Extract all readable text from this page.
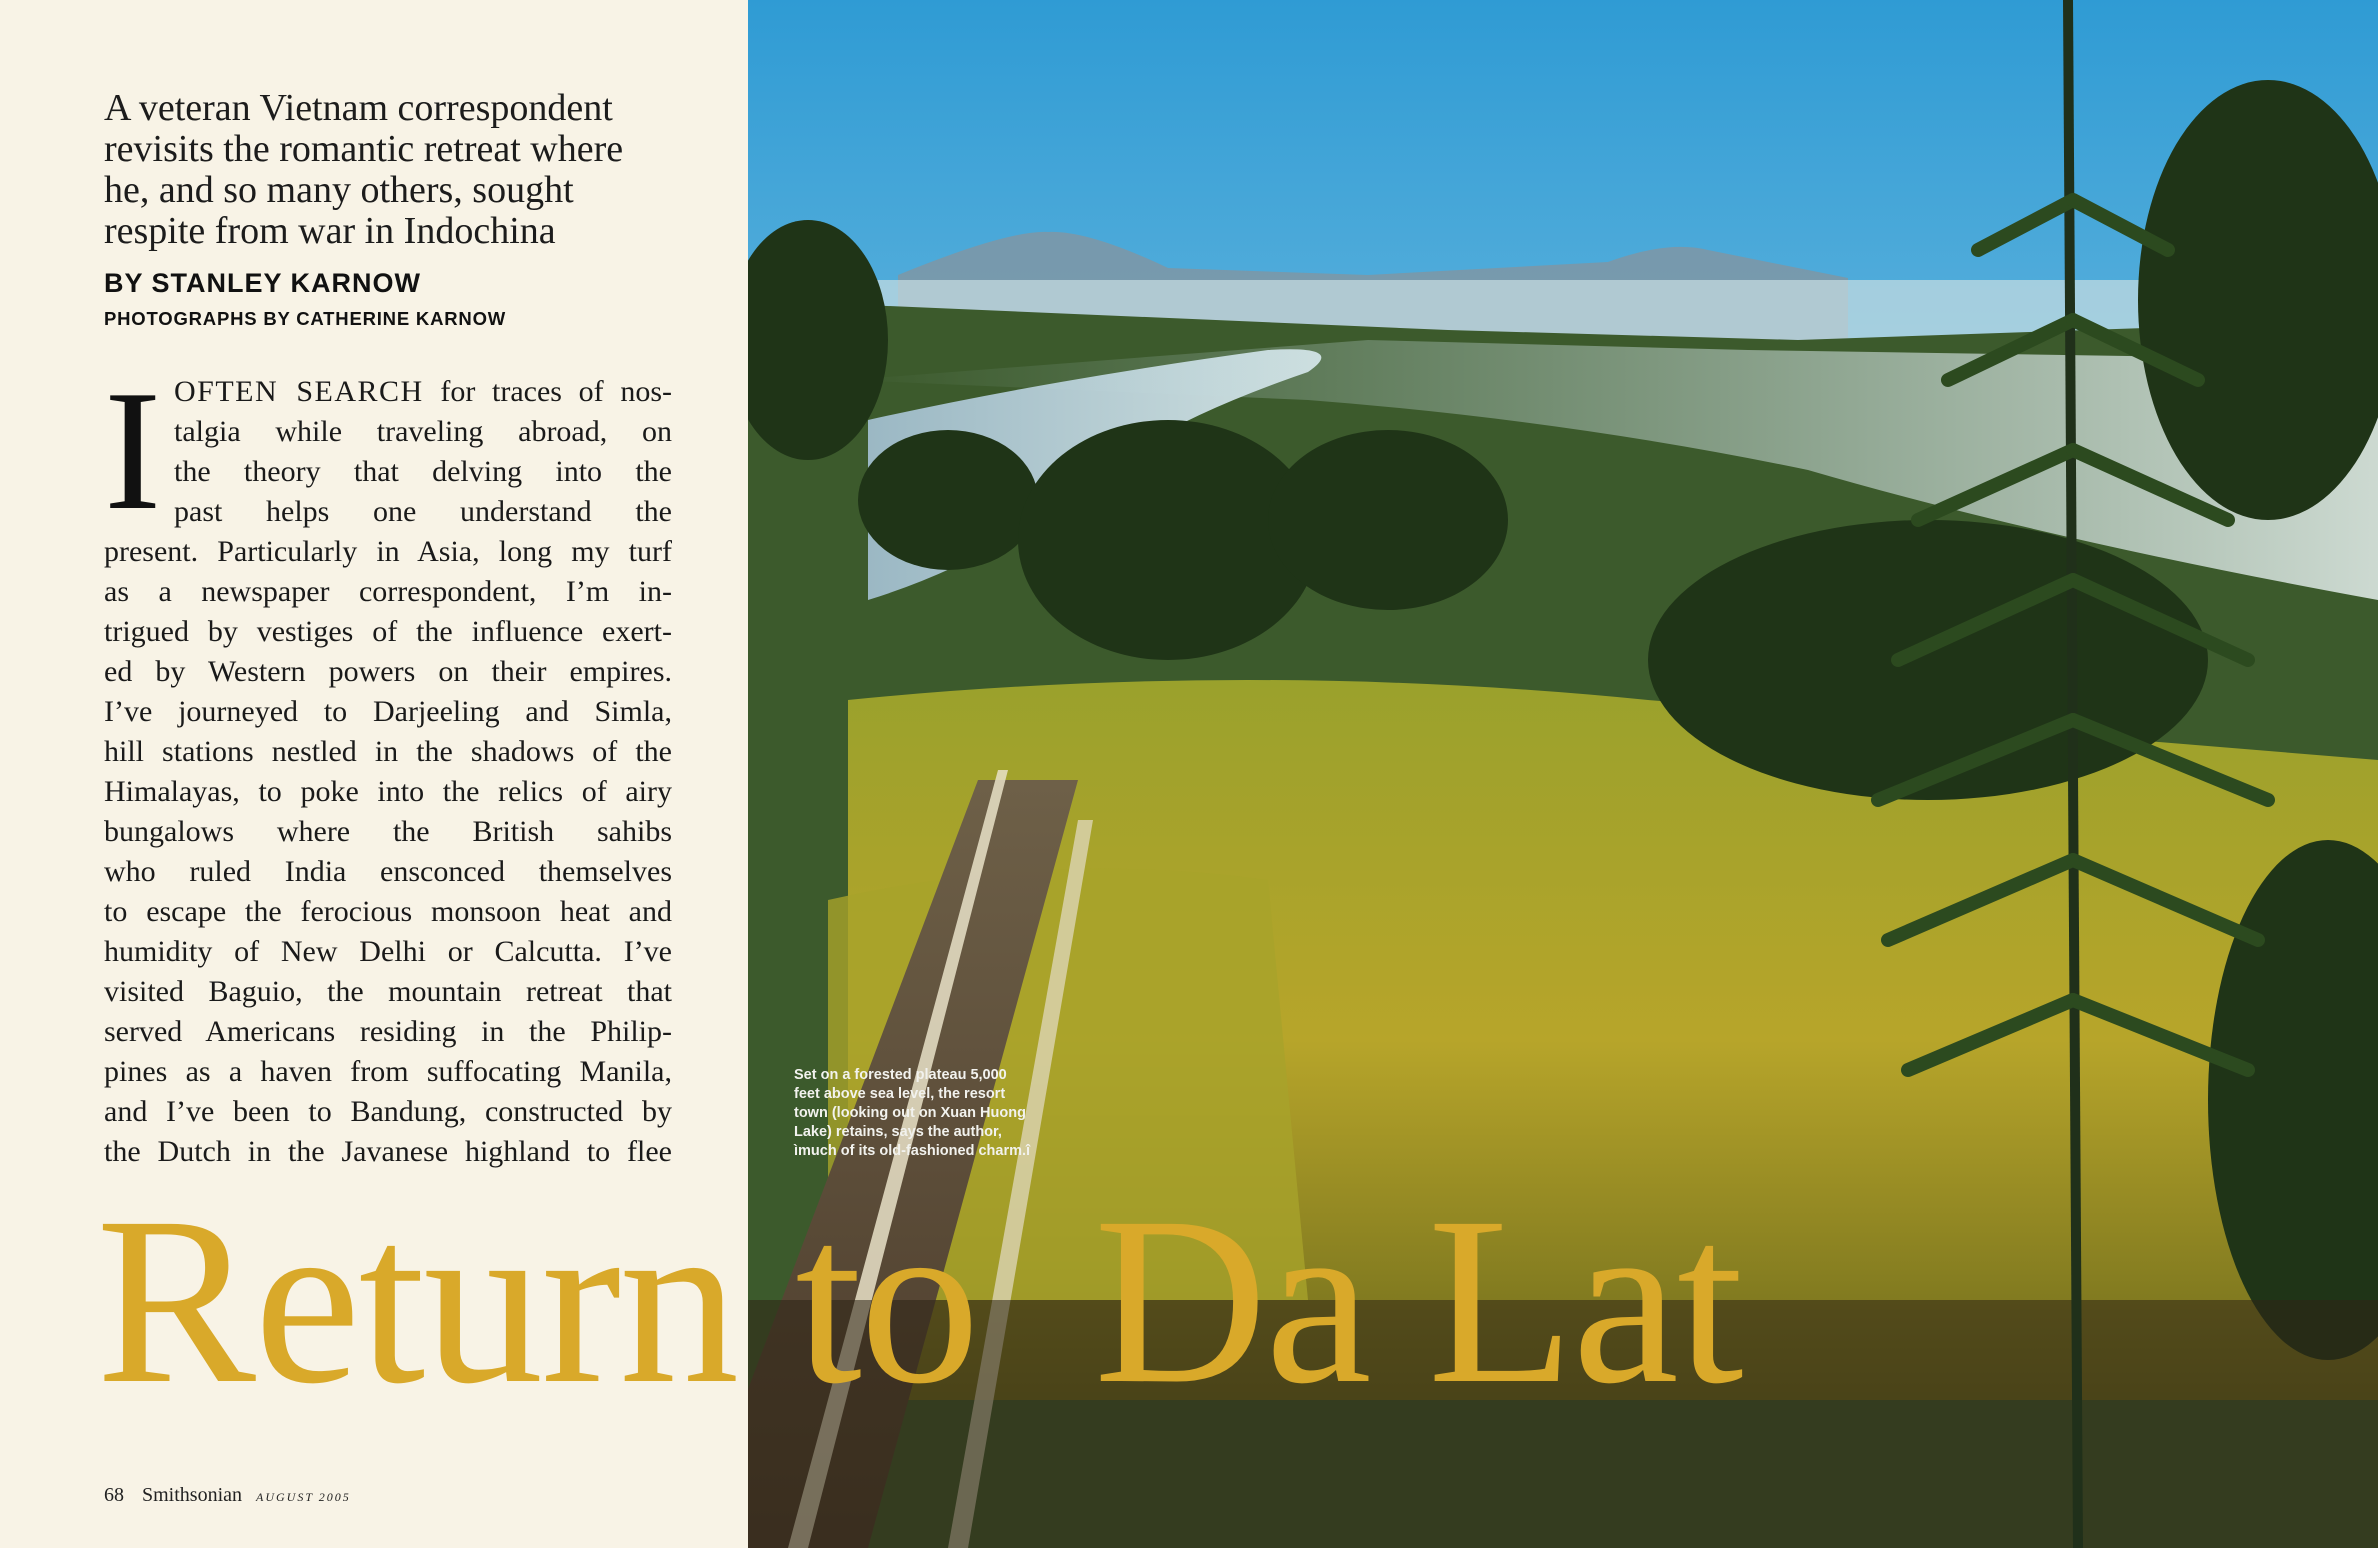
A veteran Vietnam correspondent
revisits the romantic retreat where
he, and so many others, sought
respite from war in Indochina
BY STANLEY KARNOW
PHOTOGRAPHS BY CATHERINE KARNOW
I OFTEN SEARCH for traces of nos-
talgia while traveling abroad, on
the theory that delving into the
past helps one understand the
present. Particularly in Asia, long my turf
as a newspaper correspondent, I’m in-
trigued by vestiges of the influence exert-
ed by Western powers on their empires.
I’ve journeyed to Darjeeling and Simla,
hill stations nestled in the shadows of the
Himalayas, to poke into the relics of airy
bungalows where the British sahibs
who ruled India ensconced themselves
to escape the ferocious monsoon heat and
humidity of New Delhi or Calcutta. I’ve
visited Baguio, the mountain retreat that
served Americans residing in the Philip-
pines as a haven from suffocating Manila,
and I’ve been to Bandung, constructed by
the Dutch in the Javanese highland to flee
Set on a forested plateau 5,000
feet above sea level, the resort
town (looking out on Xuan Huong
Lake) retains, says the author,
ìmuch of its old-fashioned charm.î
Return to  Da Lat
68 Smithsonian AUGUST 2005
